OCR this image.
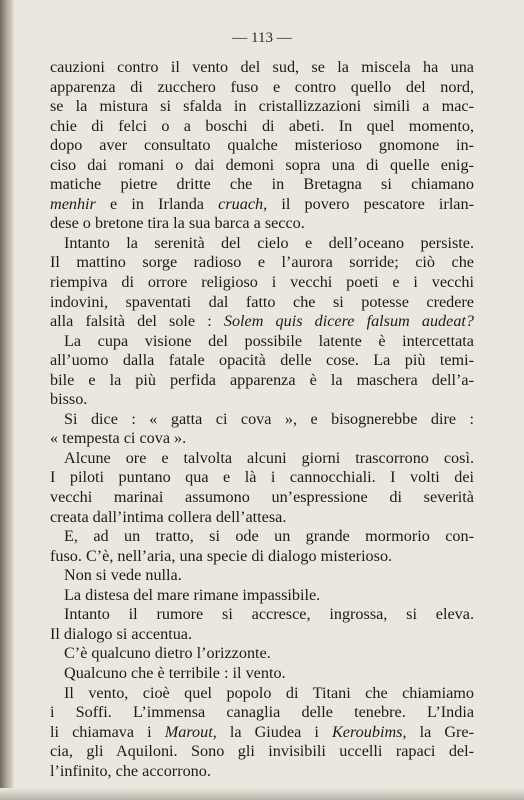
— 113 —
cauzioni contro il vento del sud, se la miscela ha una
apparenza di zucchero fuso e contro quello del nord,
se la mistura si sfalda in cristallizzazioni simili a mac-
chie di felci o a boschi di abeti. In quel momento,
dopo aver consultato qualche misterioso gnomone in-
ciso dai romani o dai demoni sopra una di quelle enig-
matiche pietre dritte che in Bretagna si chiamano
menhir e in Irlanda cruach, il povero pescatore irlan-
dese o bretone tira la sua barca a secco.
Intanto la serenità del cielo e dell’oceano persiste.
Il mattino sorge radioso e l’aurora sorride; ciò che
riempiva di orrore religioso i vecchi poeti e i vecchi
indovini, spaventati dal fatto che si potesse credere
alla falsità del sole : Solem quis dicere falsum audeat?
La cupa visione del possibile latente è intercettata
all’uomo dalla fatale opacità delle cose. La più temi-
bile e la più perfida apparenza è la maschera dell’a-
bisso.
Si dice : « gatta ci cova », e bisognerebbe dire :
« tempesta ci cova ».
Alcune ore e talvolta alcuni giorni trascorrono così.
I piloti puntano qua e là i cannocchiali. I volti dei
vecchi marinai assumono un’espressione di severità
creata dall’intima collera dell’attesa.
E, ad un tratto, si ode un grande mormorio con-
fuso. C’è, nell’aria, una specie di dialogo misterioso.
Non si vede nulla.
La distesa del mare rimane impassibile.
Intanto il rumore si accresce, ingrossa, si eleva.
Il dialogo si accentua.
C’è qualcuno dietro l’orizzonte.
Qualcuno che è terribile : il vento.
Il vento, cioè quel popolo di Titani che chiamiamo
i Soffi. L’immensa canaglia delle tenebre. L’India
li chiamava i Marout, la Giudea i Keroubims, la Gre-
cia, gli Aquiloni. Sono gli invisibili uccelli rapaci del-
l’infinito, che accorrono.
